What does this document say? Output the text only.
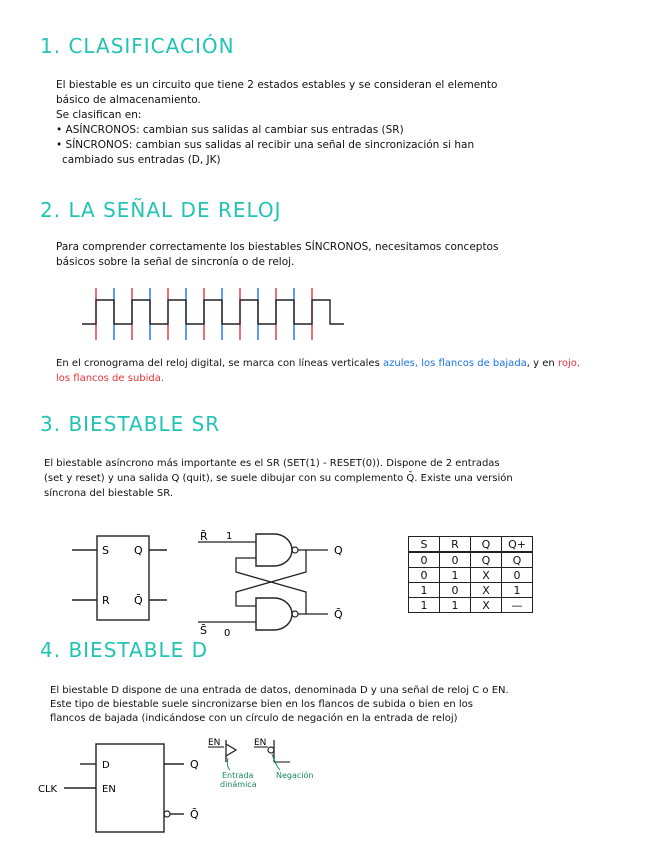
1. CLASIFICACIÓN
El biestable es un circuito que tiene 2 estados estables y se consideran el elemento
básico de almacenamiento.
Se clasifican en:
• ASÍNCRONOS: cambian sus salidas al cambiar sus entradas (SR)
• SÍNCRONOS: cambian sus salidas al recibir una señal de sincronización si han
cambiado sus entradas (D, JK)
2. LA SEÑAL DE RELOJ
Para comprender correctamente los biestables SÍNCRONOS, necesitamos conceptos
básicos sobre la señal de sincronía o de reloj.
En el cronograma del reloj digital, se marca con líneas verticales azules, los flancos de bajada, y en rojo,
los flancos de subida.
3. BIESTABLE SR
El biestable asíncrono más importante es el SR (SET(1) - RESET(0)). Dispone de 2 entradas
(set y reset) y una salida Q (quit), se suele dibujar con su complemento Q̄. Existe una versión
síncrona del biestable SR.
S
R
Q
Q̄
R̄ 1
S̄ 0
Q
Q̄
S	R	Q	Q+
0	0	Q	Q
0	1	X	0
1	0	X	1
1	1	X	—
4. BIESTABLE D
El biestable D dispone de una entrada de datos, denominada D y una señal de reloj C o EN.
Este tipo de biestable suele sincronizarse bien en los flancos de subida o bien en los
flancos de bajada (indicándose con un círculo de negación en la entrada de reloj)
D
EN
CLK
Q
Q̄
EN	EN
Entrada
dinámica
Negación
